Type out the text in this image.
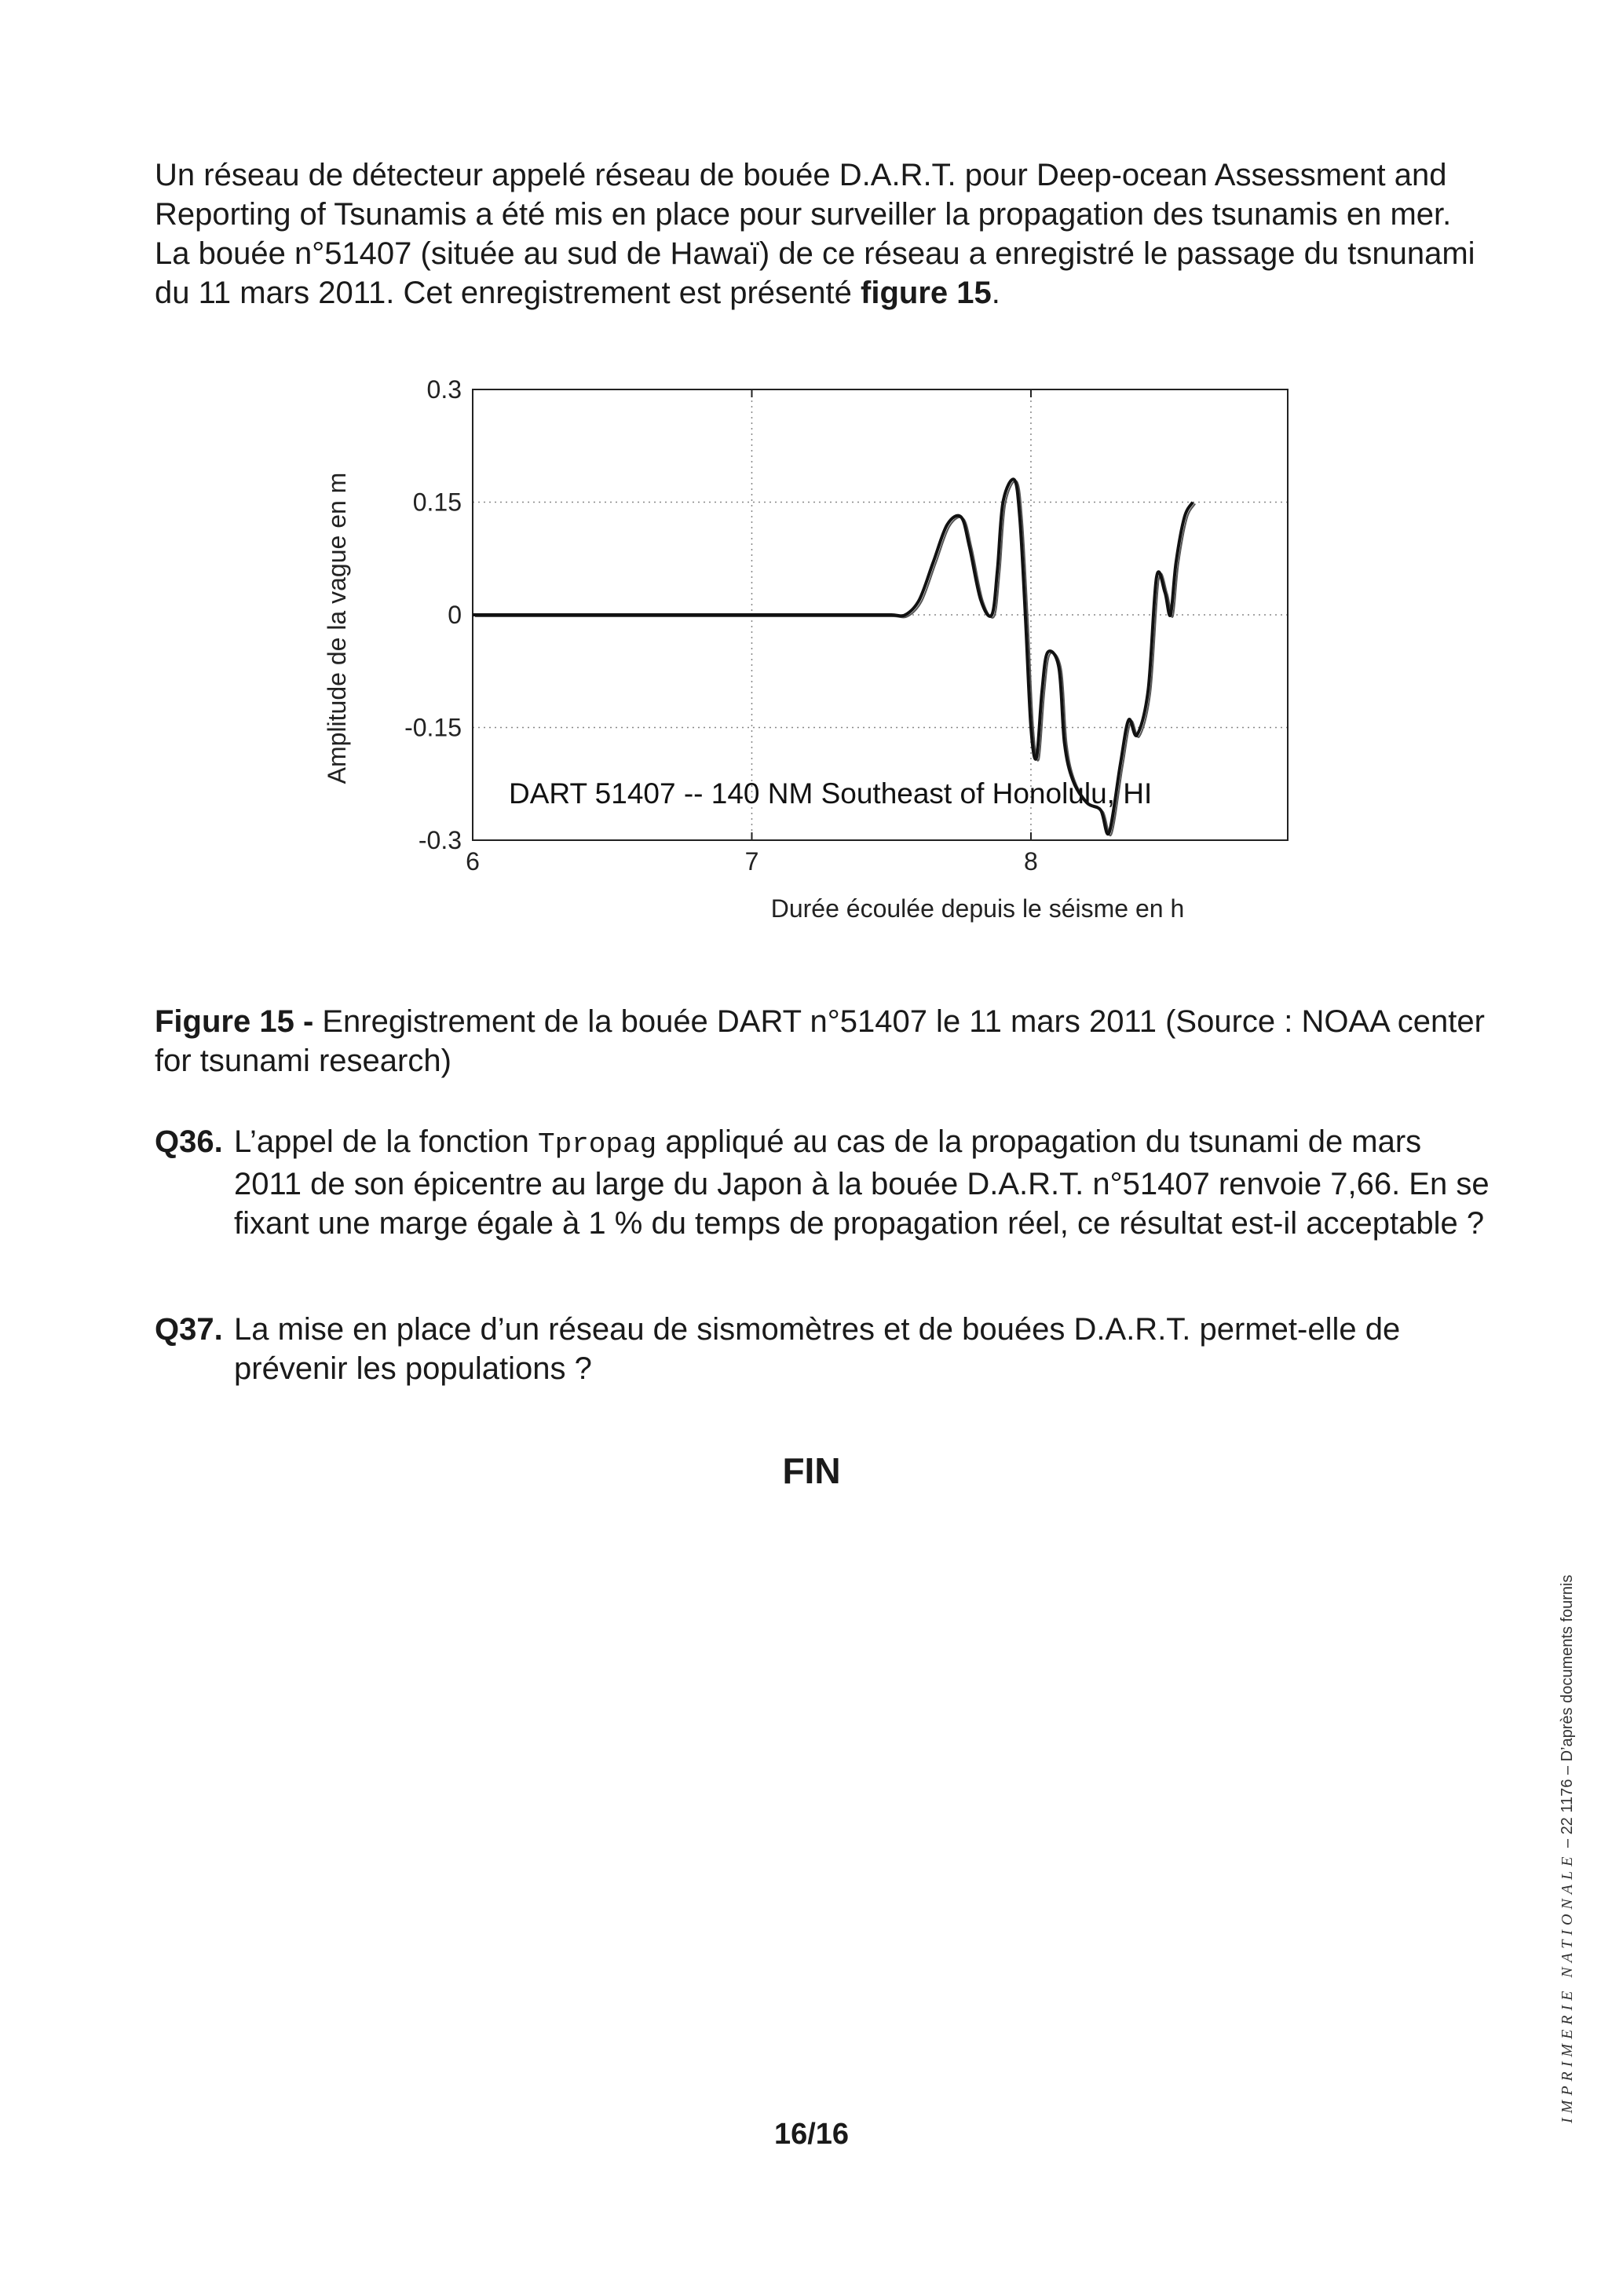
Un réseau de détecteur appelé réseau de bouée D.A.R.T. pour Deep-ocean Assessment and Reporting of Tsunamis a été mis en place pour surveiller la propagation des tsunamis en mer. La bouée n°51407 (située au sud de Hawaï) de ce réseau a enregistré le passage du tsnunami du 11 mars 2011. Cet enregistrement est présenté figure 15.

Amplitude de la vague en m
0.3
0.15
0
-0.15
-0.3
6	7	8
DART 51407 -- 140 NM Southeast of Honolulu, HI
Durée écoulée depuis le séisme en h

Figure 15 - Enregistrement de la bouée DART n°51407 le 11 mars 2011 (Source : NOAA center for tsunami research)

Q36. L’appel de la fonction Tpropag appliqué au cas de la propagation du tsunami de mars 2011 de son épicentre au large du Japon à la bouée D.A.R.T. n°51407 renvoie 7,66. En se fixant une marge égale à 1 % du temps de propagation réel, ce résultat est-il acceptable ?
Q37. La mise en place d’un réseau de sismomètres et de bouées D.A.R.T. permet-elle de prévenir les populations ?
FIN
16/16
IMPRIMERIE NATIONALE – 22 1176 – D’après documents fournis
